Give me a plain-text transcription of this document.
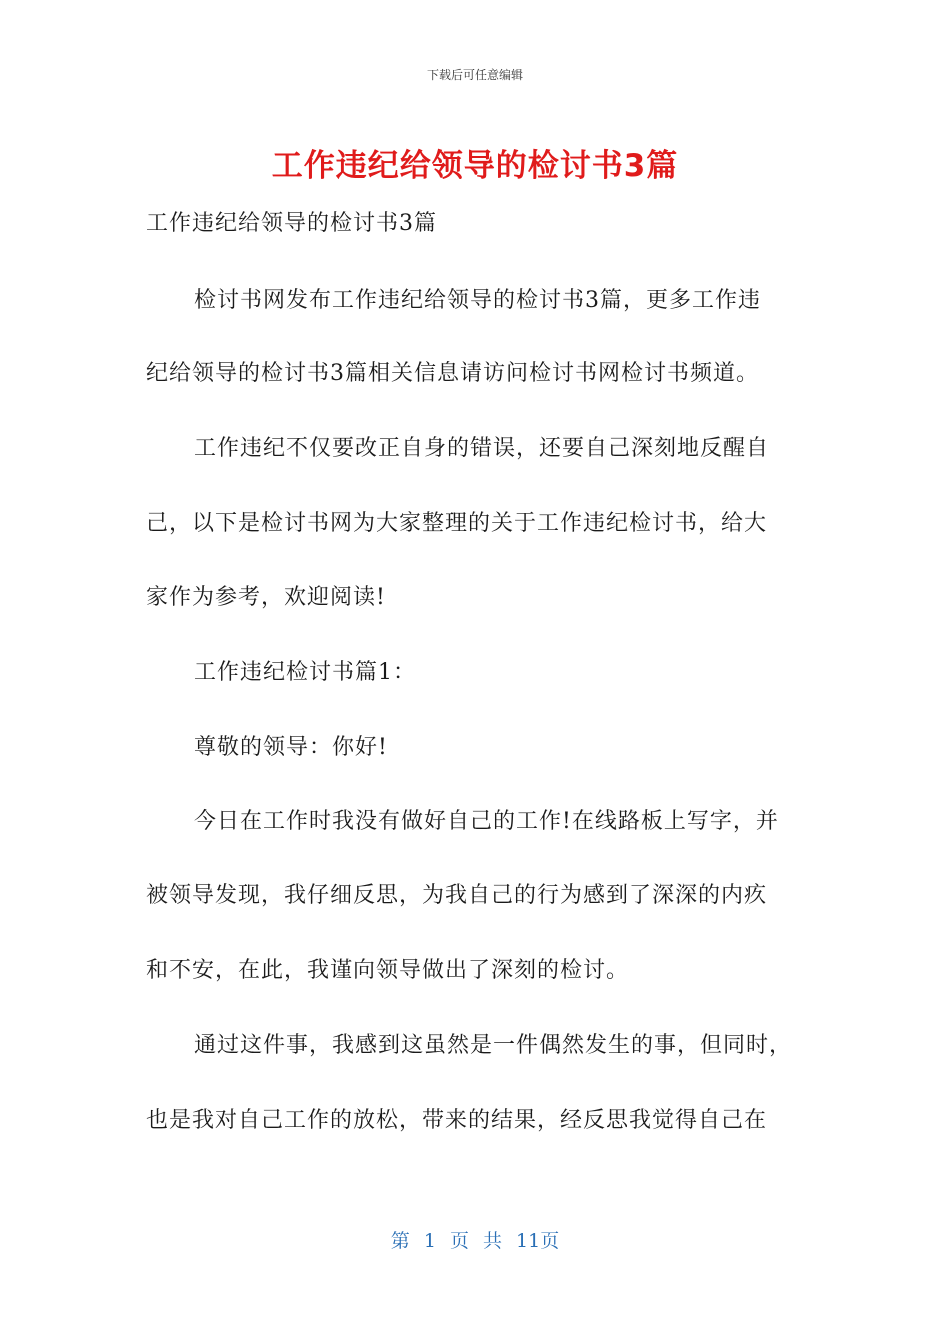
下载后可任意编辑
工作违纪给领导的检讨书3篇
工作违纪给领导的检讨书3篇
检讨书网发布工作违纪给领导的检讨书3篇，更多工作违
纪给领导的检讨书3篇相关信息请访问检讨书网检讨书频道。
工作违纪不仅要改正自身的错误，还要自己深刻地反醒自
己，以下是检讨书网为大家整理的关于工作违纪检讨书，给大
家作为参考，欢迎阅读!
工作违纪检讨书篇1：
尊敬的领导：你好!
今日在工作时我没有做好自己的工作!在线路板上写字，并
被领导发现，我仔细反思，为我自己的行为感到了深深的内疚
和不安，在此，我谨向领导做出了深刻的检讨。
通过这件事，我感到这虽然是一件偶然发生的事，但同时，
也是我对自己工作的放松，带来的结果，经反思我觉得自己在
第 1 页 共 11页
